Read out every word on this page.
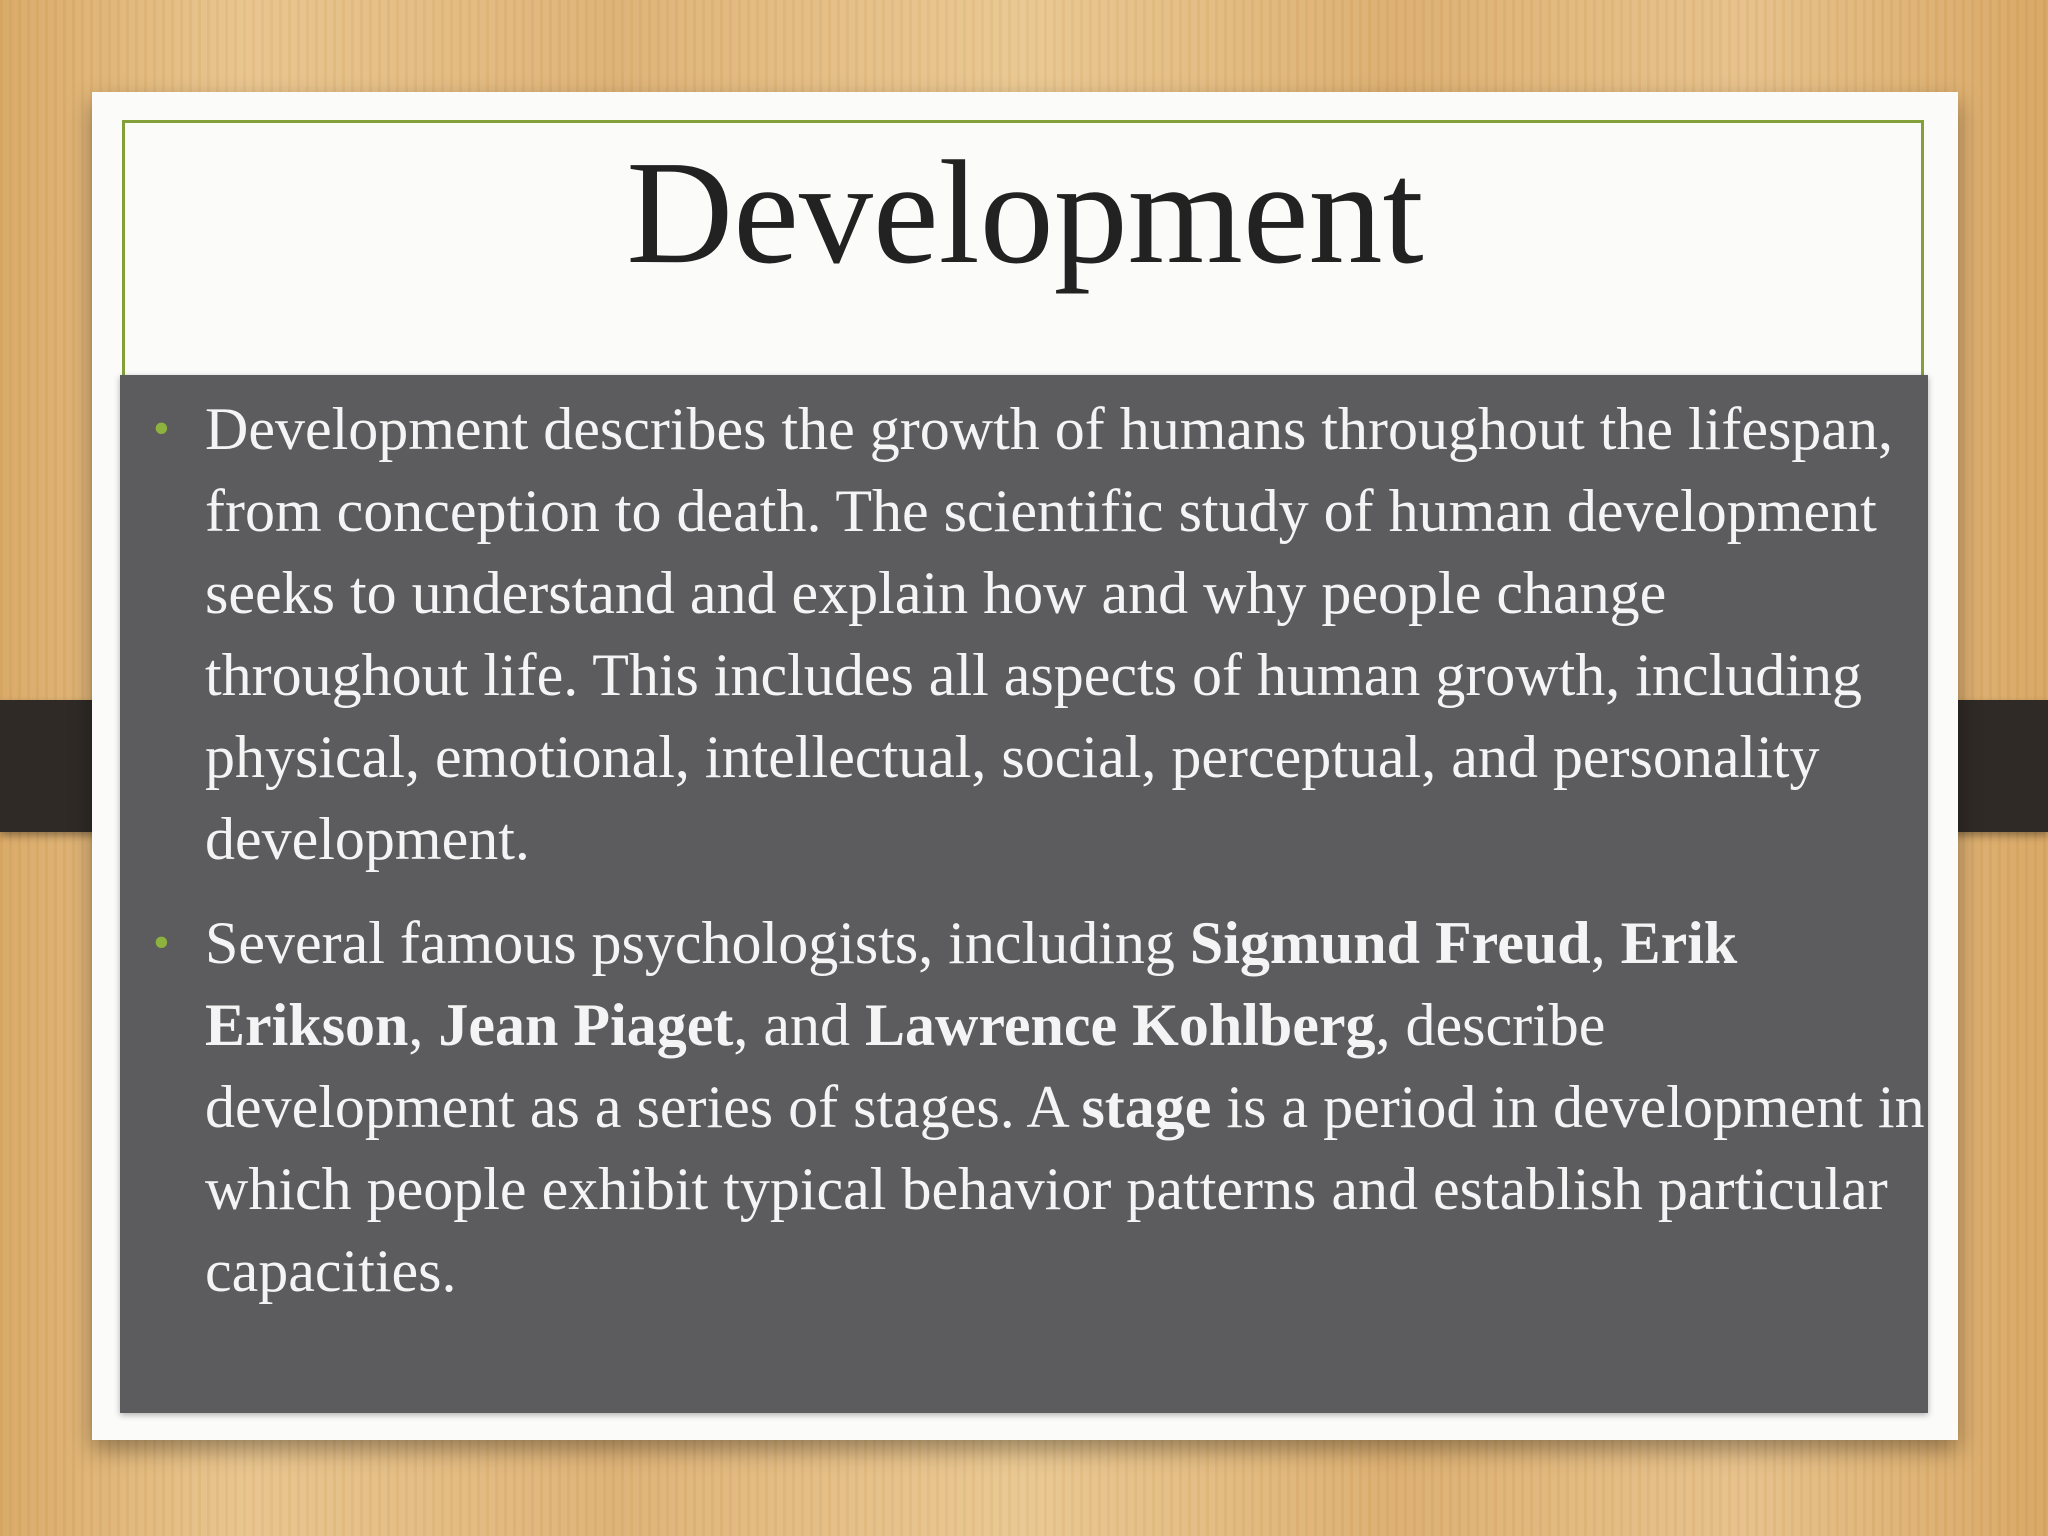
Development
• Development describes the growth of humans throughout the lifespan, from conception to death. The scientific study of human development seeks to understand and explain how and why people change throughout life. This includes all aspects of human growth, including physical, emotional, intellectual, social, perceptual, and personality development.
• Several famous psychologists, including Sigmund Freud, Erik Erikson, Jean Piaget, and Lawrence Kohlberg, describe development as a series of stages. A stage is a period in development in which people exhibit typical behavior patterns and establish particular capacities.
